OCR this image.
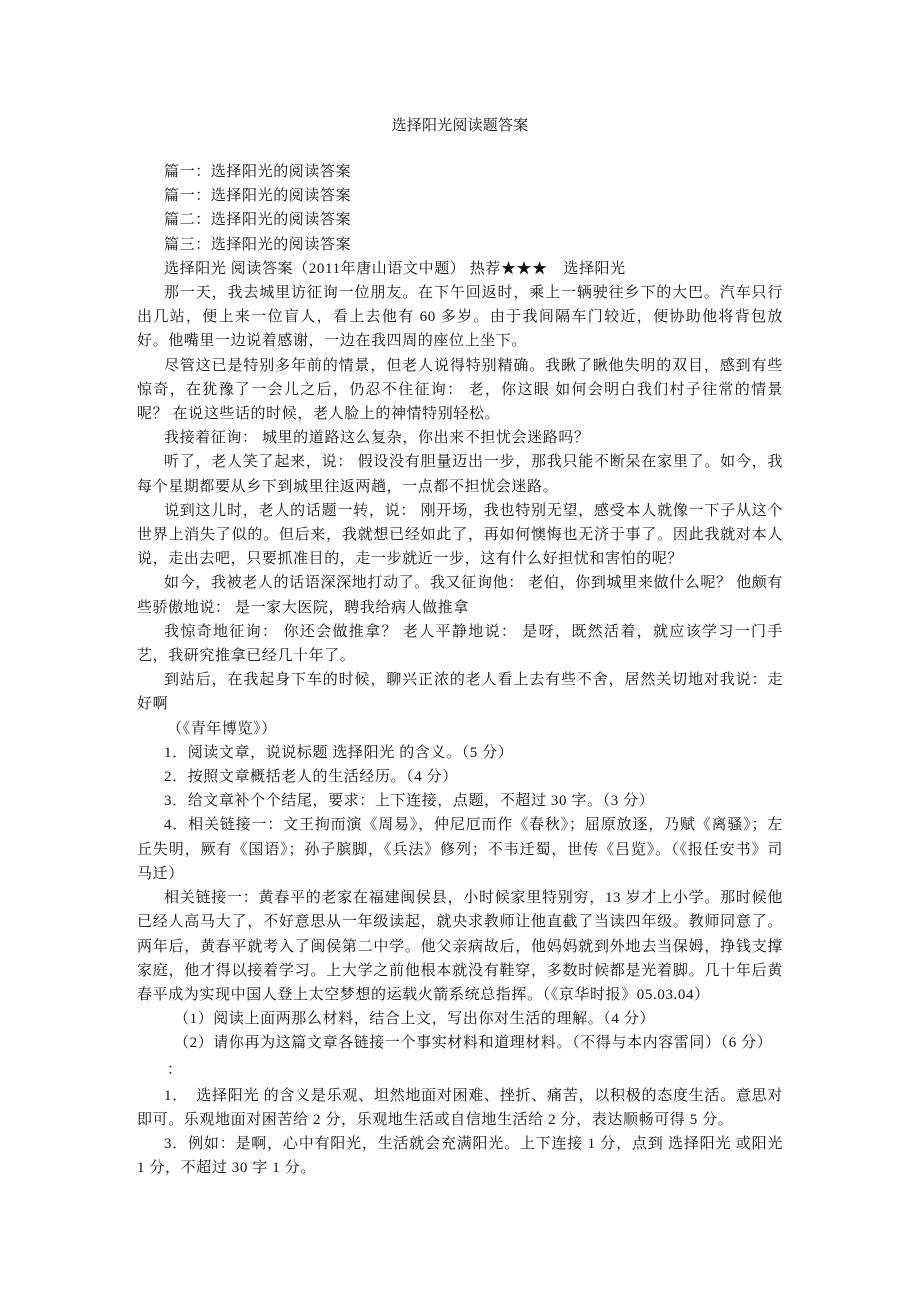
选择阳光阅读题答案

篇一：选择阳光的阅读答案

篇一：选择阳光的阅读答案

篇二：选择阳光的阅读答案

篇三：选择阳光的阅读答案

选择阳光 阅读答案（2011年唐山语文中题） 热荐★★★　选择阳光

那一天，我去城里访征询一位朋友。在下午回返时，乘上一辆驶往乡下的大巴。汽车只行出几站，便上来一位盲人，看上去他有 60 多岁。由于我间隔车门较近，便协助他将背包放好。他嘴里一边说着感谢，一边在我四周的座位上坐下。

尽管这已是特别多年前的情景，但老人说得特别精确。我瞅了瞅他失明的双目，感到有些惊奇，在犹豫了一会儿之后，仍忍不住征询： 老，你这眼 如何会明白我们村子往常的情景呢？ 在说这些话的时候，老人脸上的神情特别轻松。

我接着征询： 城里的道路这么复杂，你出来不担忧会迷路吗？

听了，老人笑了起来，说： 假设没有胆量迈出一步，那我只能不断呆在家里了。如今，我每个星期都要从乡下到城里往返两趟，一点都不担忧会迷路。

说到这儿时，老人的话题一转，说： 刚开场，我也特别无望，感受本人就像一下子从这个世界上消失了似的。但后来，我就想已经如此了，再如何懊悔也无济于事了。因此我就对本人说，走出去吧，只要抓准目的，走一步就近一步，这有什么好担忧和害怕的呢？

如今，我被老人的话语深深地打动了。我又征询他： 老伯，你到城里来做什么呢？ 他颇有些骄傲地说： 是一家大医院，聘我给病人做推拿

我惊奇地征询： 你还会做推拿？ 老人平静地说： 是呀，既然活着，就应该学习一门手艺，我研究推拿已经几十年了。

到站后，在我起身下车的时候，聊兴正浓的老人看上去有些不舍，居然关切地对我说：走好啊

（《青年博览》）

1．阅读文章，说说标题 选择阳光 的含义。（5 分）

2．按照文章概括老人的生活经历。（4 分）

3．给文章补个个结尾，要求：上下连接，点题，不超过 30 字。（3 分）

4．相关链接一：文王拘而演《周易》，仲尼厄而作《春秋》；屈原放逐，乃赋《离骚》；左丘失明，厥有《国语》；孙子膑脚，《兵法》修列；不韦迁蜀，世传《吕览》。（《报任安书》司马迁）

相关链接一：黄春平的老家在福建闽侯县，小时候家里特别穷，13 岁才上小学。那时候他已经人高马大了，不好意思从一年级读起，就央求教师让他直截了当读四年级。教师同意了。两年后，黄春平就考入了闽侯第二中学。他父亲病故后，他妈妈就到外地去当保姆，挣钱支撑家庭，他才得以接着学习。上大学之前他根本就没有鞋穿，多数时候都是光着脚。几十年后黄春平成为实现中国人登上太空梦想的运载火箭系统总指挥。（《京华时报》05.03.04）

（1）阅读上面两那么材料，结合上文，写出你对生活的理解。（4 分）

（2）请你再为这篇文章各链接一个事实材料和道理材料。（不得与本内容雷同）（6 分）

：

1．　选择阳光 的含义是乐观、坦然地面对困难、挫折、痛苦，以积极的态度生活。意思对即可。乐观地面对困苦给 2 分，乐观地生活或自信地生活给 2 分，表达顺畅可得 5 分。

3．例如：是啊，心中有阳光，生活就会充满阳光。上下连接 1 分，点到 选择阳光 或阳光 1 分，不超过 30 字 1 分。
